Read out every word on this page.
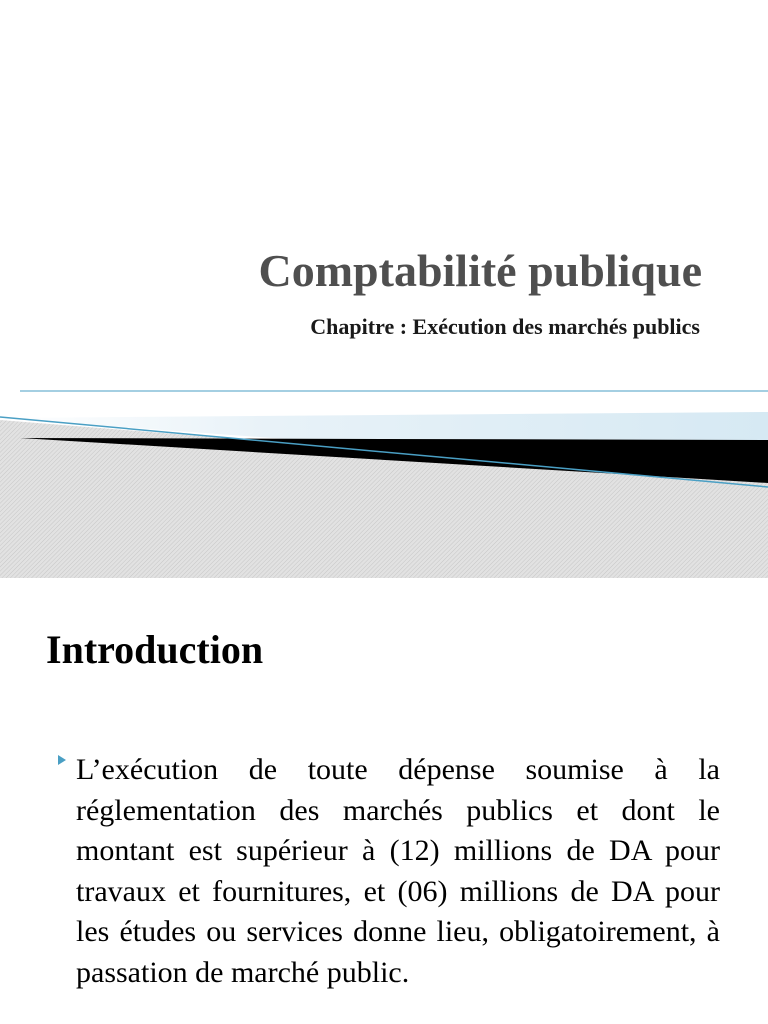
Comptabilité publique
Chapitre : Exécution des marchés publics
Introduction

L’exécution de toute dépense soumise à la réglementation des marchés publics et dont le montant est supérieur à (12) millions de DA pour travaux et fournitures, et (06) millions de DA pour les études ou services donne lieu, obligatoirement, à passation de marché public.
